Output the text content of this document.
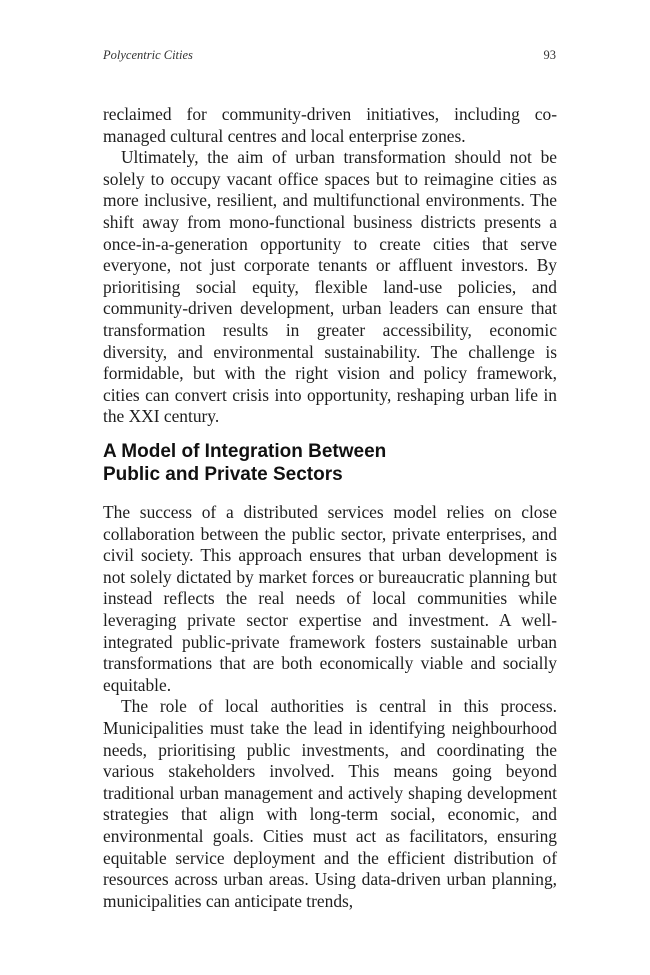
Polycentric Cities	93

reclaimed for community-driven initiatives, including co-managed cultural centres and local enterprise zones.

Ultimately, the aim of urban transformation should not be solely to occupy vacant office spaces but to reimagine cities as more inclusive, resilient, and multifunctional environments. The shift away from mono-functional business districts presents a once-in-a-generation opportunity to create cities that serve everyone, not just corporate tenants or affluent investors. By prioritising social equity, flexible land-use policies, and community-driven development, urban leaders can ensure that transformation results in greater accessibility, economic diversity, and environmental sustainability. The challenge is formidable, but with the right vision and policy framework, cities can convert crisis into opportunity, reshaping urban life in the XXI century.

A Model of Integration Between
Public and Private Sectors

The success of a distributed services model relies on close collaboration between the public sector, private enterprises, and civil society. This approach ensures that urban development is not solely dictated by market forces or bureaucratic planning but instead reflects the real needs of local communities while leveraging private sector expertise and investment. A well-integrated public-private framework fosters sustainable urban transformations that are both economically viable and socially equitable.

The role of local authorities is central in this process. Municipalities must take the lead in identifying neighbourhood needs, prioritising public investments, and coordinating the various stakeholders involved. This means going beyond traditional urban management and actively shaping development strategies that align with long-term social, economic, and environmental goals. Cities must act as facilitators, ensuring equitable service deployment and the efficient distribution of resources across urban areas. Using data-driven urban planning, municipalities can anticipate trends,
